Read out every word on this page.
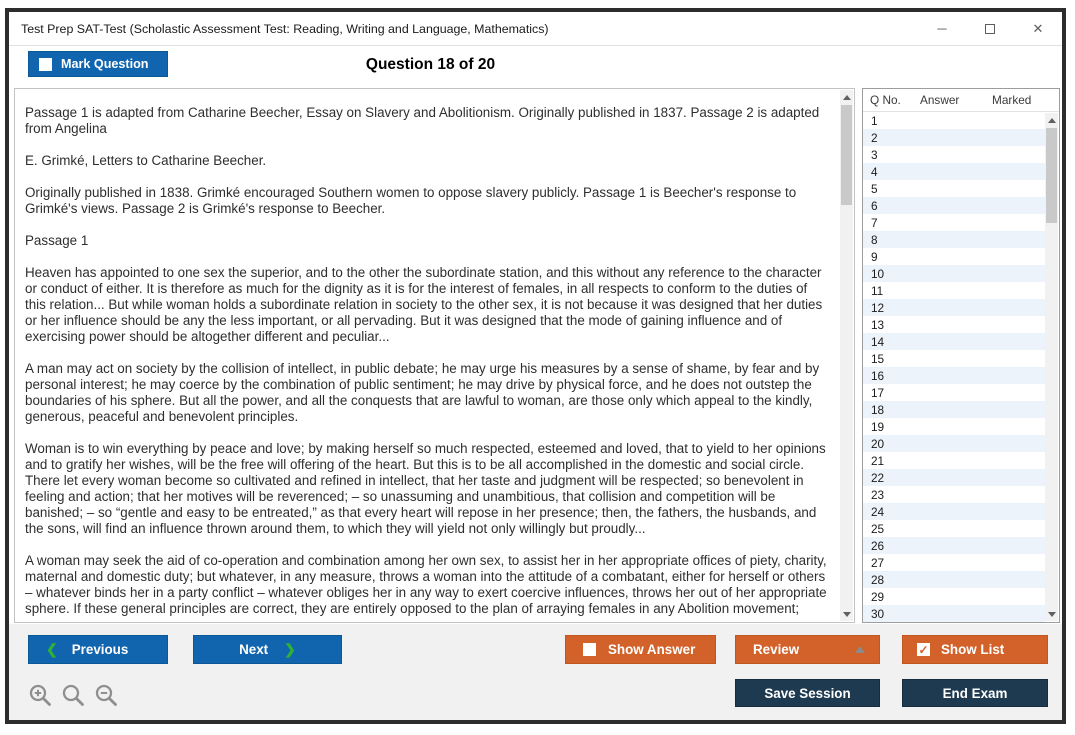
Test Prep SAT-Test (Scholastic Assessment Test: Reading, Writing and Language, Mathematics)	─	✕
Mark Question	Question 18 of 20

Passage 1 is adapted from Catharine Beecher, Essay on Slavery and Abolitionism. Originally published in 1837. Passage 2 is adapted from Angelina

E. Grimké, Letters to Catharine Beecher.

Originally published in 1838. Grimké encouraged Southern women to oppose slavery publicly. Passage 1 is Beecher's response to Grimké's views. Passage 2 is Grimké's response to Beecher.

Passage 1

Heaven has appointed to one sex the superior, and to the other the subordinate station, and this without any reference to the character or conduct of either. It is therefore as much for the dignity as it is for the interest of females, in all respects to conform to the duties of this relation... But while woman holds a subordinate relation in society to the other sex, it is not because it was designed that her duties or her influence should be any the less important, or all pervading. But it was designed that the mode of gaining influence and of exercising power should be altogether different and peculiar...

A man may act on society by the collision of intellect, in public debate; he may urge his measures by a sense of shame, by fear and by personal interest; he may coerce by the combination of public sentiment; he may drive by physical force, and he does not outstep the boundaries of his sphere. But all the power, and all the conquests that are lawful to woman, are those only which appeal to the kindly, generous, peaceful and benevolent principles.

Woman is to win everything by peace and love; by making herself so much respected, esteemed and loved, that to yield to her opinions and to gratify her wishes, will be the free will offering of the heart. But this is to be all accomplished in the domestic and social circle. There let every woman become so cultivated and refined in intellect, that her taste and judgment will be respected; so benevolent in feeling and action; that her motives will be reverenced; – so unassuming and unambitious, that collision and competition will be banished; – so “gentle and easy to be entreated,” as that every heart will repose in her presence; then, the fathers, the husbands, and the sons, will find an influence thrown around them, to which they will yield not only willingly but proudly...

A woman may seek the aid of co-operation and combination among her own sex, to assist her in her appropriate offices of piety, charity, maternal and domestic duty; but whatever, in any measure, throws a woman into the attitude of a combatant, either for herself or others – whatever binds her in a party conflict – whatever obliges her in any way to exert coercive influences, throws her out of her appropriate sphere. If these general principles are correct, they are entirely opposed to the plan of arraying females in any Abolition movement;

Q No.	Answer	Marked
1
2
3
4
5
6
7
8
9
10
11
12
13
14
15
16
17
18
19
20
21
22
23
24
25
26
27
28
29
30
❮ Previous	Next ❯	Show Answer	Review	✓ Show List
Save Session	End Exam
